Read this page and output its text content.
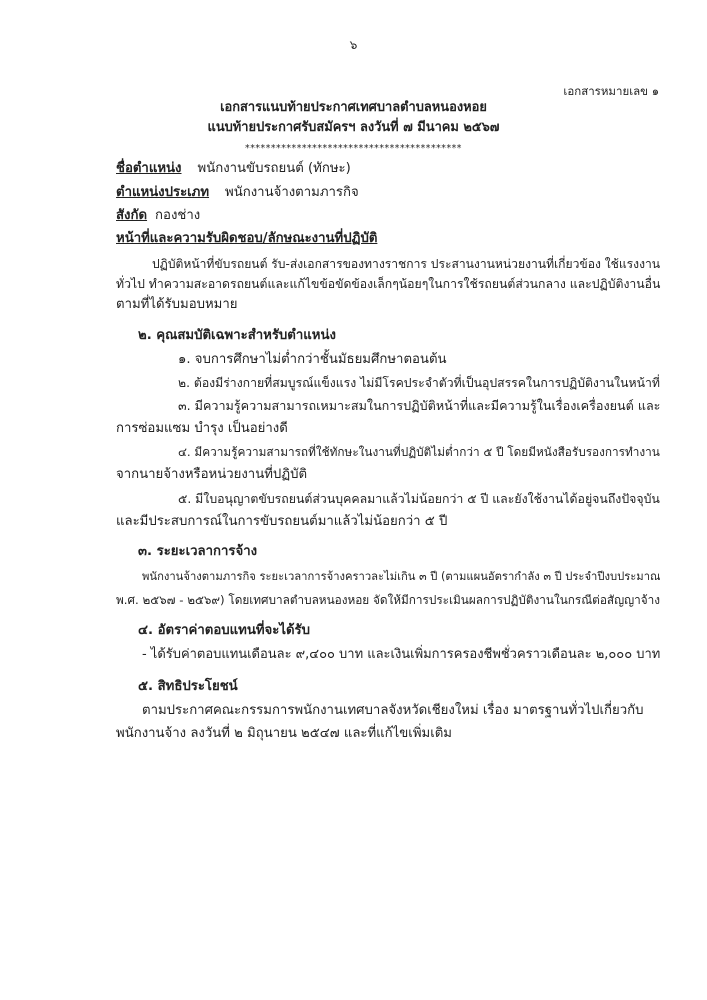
๖
เอกสารหมายเลข ๑
เอกสารแนบท้ายประกาศเทศบาลตำบลหนองหอย
แนบท้ายประกาศรับสมัครฯ ลงวันที่ ๗ มีนาคม ๒๕๖๗
******************************************
ชื่อตำแหน่ง พนักงานขับรถยนต์ (ทักษะ)
ตำแหน่งประเภท พนักงานจ้างตามภารกิจ
สังกัด กองช่าง
หน้าที่และความรับผิดชอบ/ลักษณะงานที่ปฏิบัติ
ปฏิบัติหน้าที่ขับรถยนต์ รับ-ส่งเอกสารของทางราชการ ประสานงานหน่วยงานที่เกี่ยวข้อง ใช้แรงงาน
ทั่วไป ทำความสะอาดรถยนต์และแก้ไขข้อขัดข้องเล็กๆน้อยๆในการใช้รถยนต์ส่วนกลาง และปฏิบัติงานอื่น
ตามที่ได้รับมอบหมาย
๒. คุณสมบัติเฉพาะสำหรับตำแหน่ง
๑. จบการศึกษาไม่ต่ำกว่าชั้นมัธยมศึกษาตอนต้น
๒. ต้องมีร่างกายที่สมบูรณ์แข็งแรง ไม่มีโรคประจำตัวที่เป็นอุปสรรคในการปฏิบัติงานในหน้าที่
๓. มีความรู้ความสามารถเหมาะสมในการปฏิบัติหน้าที่และมีความรู้ในเรื่องเครื่องยนต์ และ
การซ่อมแซม บำรุง เป็นอย่างดี
๔. มีความรู้ความสามารถที่ใช้ทักษะในงานที่ปฏิบัติไม่ต่ำกว่า ๕ ปี โดยมีหนังสือรับรองการทำงาน
จากนายจ้างหรือหน่วยงานที่ปฏิบัติ
๕. มีใบอนุญาตขับรถยนต์ส่วนบุคคลมาแล้วไม่น้อยกว่า ๕ ปี และยังใช้งานได้อยู่จนถึงปัจจุบัน
และมีประสบการณ์ในการขับรถยนต์มาแล้วไม่น้อยกว่า ๕ ปี
๓. ระยะเวลาการจ้าง
พนักงานจ้างตามภารกิจ ระยะเวลาการจ้างคราวละไม่เกิน ๓ ปี (ตามแผนอัตรากำลัง ๓ ปี ประจำปีงบประมาณ
พ.ศ. ๒๕๖๗ - ๒๕๖๙) โดยเทศบาลตำบลหนองหอย จัดให้มีการประเมินผลการปฏิบัติงานในกรณีต่อสัญญาจ้าง
๔. อัตราค่าตอบแทนที่จะได้รับ
- ได้รับค่าตอบแทนเดือนละ ๙,๔๐๐ บาท และเงินเพิ่มการครองชีพชั่วคราวเดือนละ ๒,๐๐๐ บาท
๕. สิทธิประโยชน์
ตามประกาศคณะกรรมการพนักงานเทศบาลจังหวัดเชียงใหม่ เรื่อง มาตรฐานทั่วไปเกี่ยวกับ
พนักงานจ้าง ลงวันที่ ๒ มิถุนายน ๒๕๔๗ และที่แก้ไขเพิ่มเติม
